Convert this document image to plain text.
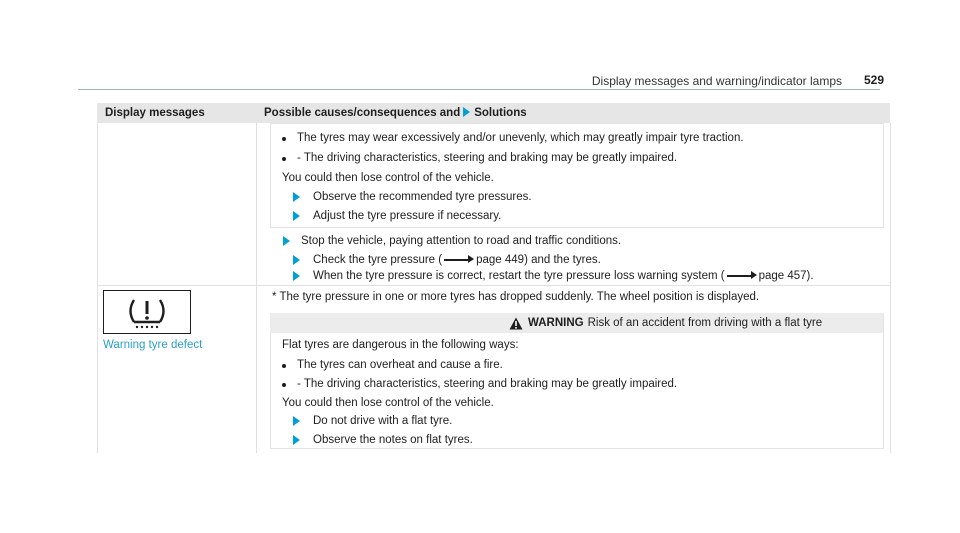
Display messages and warning/indicator lamps 529
Display messages	Possible causes/consequences and Solutions
The tyres may wear excessively and/or unevenly, which may greatly impair tyre traction.
- The driving characteristics, steering and braking may be greatly impaired.
You could then lose control of the vehicle.
Observe the recommended tyre pressures.
Adjust the tyre pressure if necessary.
Stop the vehicle, paying attention to road and traffic conditions.
Check the tyre pressure (	page 449) and the tyres.
When the tyre pressure is correct, restart the tyre pressure loss warning system (	page 457).
Warning tyre defect
* The tyre pressure in one or more tyres has dropped suddenly. The wheel position is displayed.
WARNING Risk of an accident from driving with a flat tyre
Flat tyres are dangerous in the following ways:
The tyres can overheat and cause a fire.
- The driving characteristics, steering and braking may be greatly impaired.
You could then lose control of the vehicle.
Do not drive with a flat tyre.
Observe the notes on flat tyres.
